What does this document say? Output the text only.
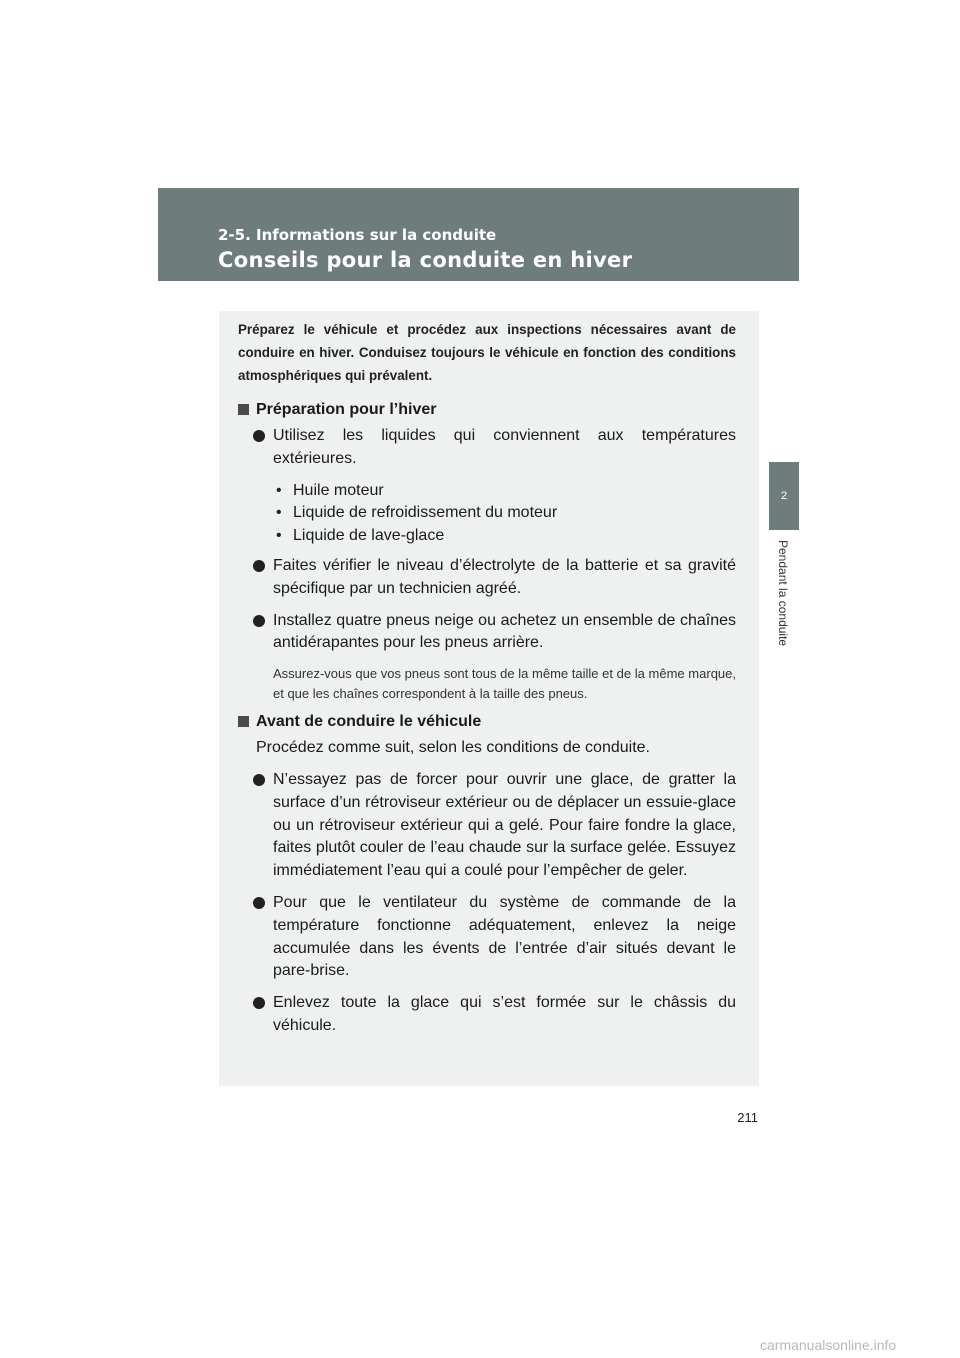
2-5. Informations sur la conduite
Conseils pour la conduite en hiver
2
Pendant la conduite

Préparez le véhicule et procédez aux inspections nécessaires avant de conduire en hiver. Conduisez toujours le véhicule en fonction des conditions atmosphériques qui prévalent.

Préparation pour l’hiver
Utilisez les liquides qui conviennent aux températures extérieures.
• Huile moteur
• Liquide de refroidissement du moteur
• Liquide de lave-glace
Faites vérifier le niveau d’électrolyte de la batterie et sa gravité spécifique par un technicien agréé.
Installez quatre pneus neige ou achetez un ensemble de chaînes antidérapantes pour les pneus arrière.

Assurez-vous que vos pneus sont tous de la même taille et de la même marque, et que les chaînes correspondent à la taille des pneus.

Avant de conduire le véhicule

Procédez comme suit, selon les conditions de conduite.

N’essayez pas de forcer pour ouvrir une glace, de gratter la surface d’un rétroviseur extérieur ou de déplacer un essuie-glace ou un rétroviseur extérieur qui a gelé. Pour faire fondre la glace, faites plutôt couler de l’eau chaude sur la surface gelée. Essuyez immédiatement l’eau qui a coulé pour l’empêcher de geler.
Pour que le ventilateur du système de commande de la température fonctionne adéquatement, enlevez la neige accumulée dans les évents de l’entrée d’air situés devant le pare-brise.
Enlevez toute la glace qui s’est formée sur le châssis du véhicule.
211
carmanualsonline.info
